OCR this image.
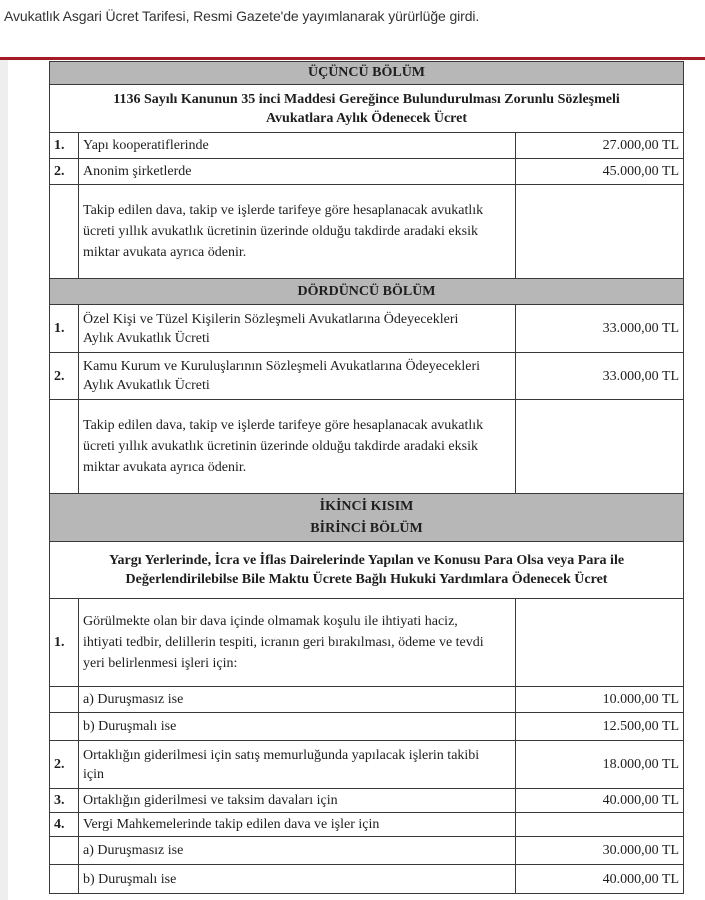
Avukatlık Asgari Ücret Tarifesi, Resmi Gazete'de yayımlanarak yürürlüğe girdi.
ÜÇÜNCÜ BÖLÜM		

1136 Sayılı Kanunun 35 inci Maddesi Gereğince Bulundurulması Zorunlu Sözleşmeli
Avukatlara Aylık Ödenecek Ücret		

1.	Yapı kooperatiflerinde	27.000,00 TL
2.	Anonim şirketlerde	45.000,00 TL

	Takip edilen dava, takip ve işlerde tarifeye göre hesaplanacak avukatlık
ücreti yıllık avukatlık ücretinin üzerinde olduğu takdirde aradaki eksik
miktar avukata ayrıca ödenir.	

DÖRDÜNCÜ BÖLÜM		

1.	Özel Kişi ve Tüzel Kişilerin Sözleşmeli Avukatlarına Ödeyecekleri
Aylık Avukatlık Ücreti	33.000,00 TL
2.	Kamu Kurum ve Kuruluşlarının Sözleşmeli Avukatlarına Ödeyecekleri
Aylık Avukatlık Ücreti	33.000,00 TL

	Takip edilen dava, takip ve işlerde tarifeye göre hesaplanacak avukatlık
ücreti yıllık avukatlık ücretinin üzerinde olduğu takdirde aradaki eksik
miktar avukata ayrıca ödenir.	

İKİNCİ KISIM
BİRİNCİ BÖLÜM		

Yargı Yerlerinde, İcra ve İflas Dairelerinde Yapılan ve Konusu Para Olsa veya Para ile
Değerlendirilebilse Bile Maktu Ücrete Bağlı Hukuki Yardımlara Ödenecek Ücret		

1.	Görülmekte olan bir dava içinde olmamak koşulu ile ihtiyati haciz,
ihtiyati tedbir, delillerin tespiti, icranın geri bırakılması, ödeme ve tevdi
yeri belirlenmesi işleri için:	

	a) Duruşmasız ise	10.000,00 TL

	b) Duruşmalı ise	12.500,00 TL
2.	Ortaklığın giderilmesi için satış memurluğunda yapılacak işlerin takibi
için	18.000,00 TL
3.	Ortaklığın giderilmesi ve taksim davaları için	40.000,00 TL
4.	Vergi Mahkemelerinde takip edilen dava ve işler için	

	a) Duruşmasız ise	30.000,00 TL

	b) Duruşmalı ise	40.000,00 TL
